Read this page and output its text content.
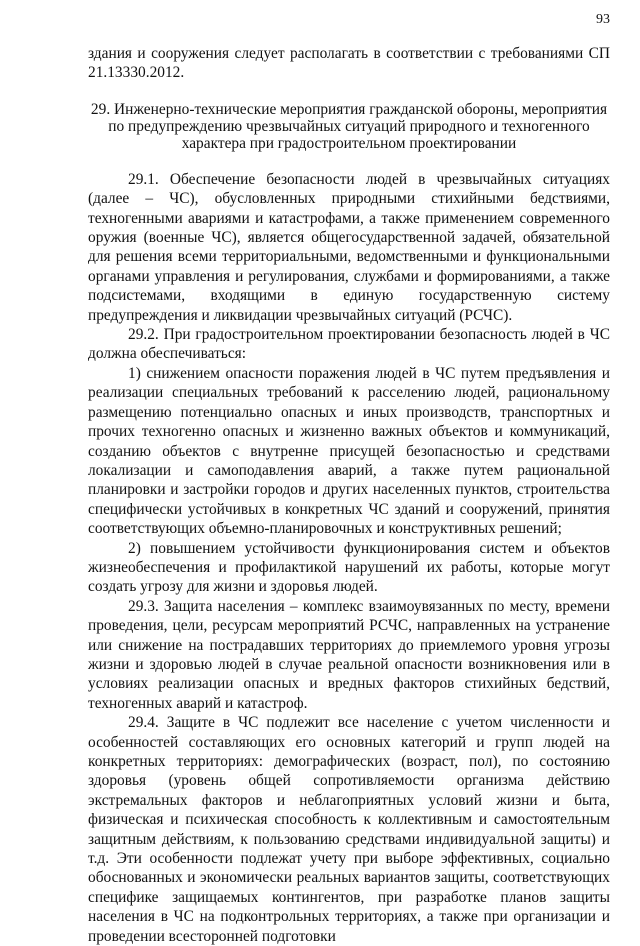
93

здания и сооружения следует располагать в соответствии с требованиями СП 21.13330.2012.

29. Инженерно-технические мероприятия гражданской обороны, мероприятия по предупреждению чрезвычайных ситуаций природного и техногенного характера при градостроительном проектировании

29.1. Обеспечение безопасности людей в чрезвычайных ситуациях (далее – ЧС), обусловленных природными стихийными бедствиями, техногенными авариями и катастрофами, а также применением современного оружия (военные ЧС), является общегосударственной задачей, обязательной для решения всеми территориальными, ведомственными и функциональными органами управления и регулирования, службами и формированиями, а также подсистемами, входящими в единую государственную систему предупреждения и ликвидации чрезвычайных ситуаций (РСЧС).

29.2. При градостроительном проектировании безопасность людей в ЧС должна обеспечиваться:

1) снижением опасности поражения людей в ЧС путем предъявления и реализации специальных требований к расселению людей, рациональному размещению потенциально опасных и иных производств, транспортных и прочих техногенно опасных и жизненно важных объектов и коммуникаций, созданию объектов с внутренне присущей безопасностью и средствами локализации и самоподавления аварий, а также путем рациональной планировки и застройки городов и других населенных пунктов, строительства специфически устойчивых в конкретных ЧС зданий и сооружений, принятия соответствующих объемно-планировочных и конструктивных решений;

2) повышением устойчивости функционирования систем и объектов жизнеобеспечения и профилактикой нарушений их работы, которые могут создать угрозу для жизни и здоровья людей.

29.3. Защита населения – комплекс взаимоувязанных по месту, времени проведения, цели, ресурсам мероприятий РСЧС, направленных на устранение или снижение на пострадавших территориях до приемлемого уровня угрозы жизни и здоровью людей в случае реальной опасности возникновения или в условиях реализации опасных и вредных факторов стихийных бедствий, техногенных аварий и катастроф.

29.4. Защите в ЧС подлежит все население с учетом численности и особенностей составляющих его основных категорий и групп людей на конкретных территориях: демографических (возраст, пол), по состоянию здоровья (уровень общей сопротивляемости организма действию экстремальных факторов и неблагоприятных условий жизни и быта, физическая и психическая способность к коллективным и самостоятельным защитным действиям, к пользованию средствами индивидуальной защиты) и т.д. Эти особенности подлежат учету при выборе эффективных, социально обоснованных и экономически реальных вариантов защиты, соответствующих специфике защищаемых контингентов, при разработке планов защиты населения в ЧС на подконтрольных территориях, а также при организации и проведении всесторонней подготовки
